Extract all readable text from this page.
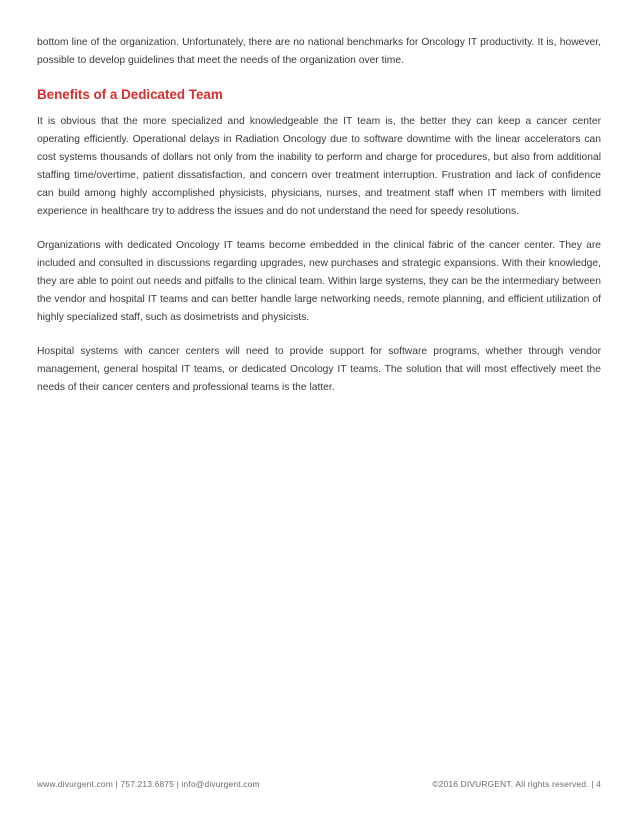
bottom line of the organization. Unfortunately, there are no national benchmarks for Oncology IT productivity. It is, however, possible to develop guidelines that meet the needs of the organization over time.

Benefits of a Dedicated Team

It is obvious that the more specialized and knowledgeable the IT team is, the better they can keep a cancer center operating efficiently. Operational delays in Radiation Oncology due to software downtime with the linear accelerators can cost systems thousands of dollars not only from the inability to perform and charge for procedures, but also from additional staffing time/overtime, patient dissatisfaction, and concern over treatment interruption. Frustration and lack of confidence can build among highly accomplished physicists, physicians, nurses, and treatment staff when IT members with limited experience in healthcare try to address the issues and do not understand the need for speedy resolutions.

Organizations with dedicated Oncology IT teams become embedded in the clinical fabric of the cancer center. They are included and consulted in discussions regarding upgrades, new purchases and strategic expansions. With their knowledge, they are able to point out needs and pitfalls to the clinical team. Within large systems, they can be the intermediary between the vendor and hospital IT teams and can better handle large networking needs, remote planning, and efficient utilization of highly specialized staff, such as dosimetrists and physicists.

Hospital systems with cancer centers will need to provide support for software programs, whether through vendor management, general hospital IT teams, or dedicated Oncology IT teams. The solution that will most effectively meet the needs of their cancer centers and professional teams is the latter.

www.divurgent.com | 757.213.6875 | info@divurgent.com	©2016 DIVURGENT. All rights reserved. | 4
